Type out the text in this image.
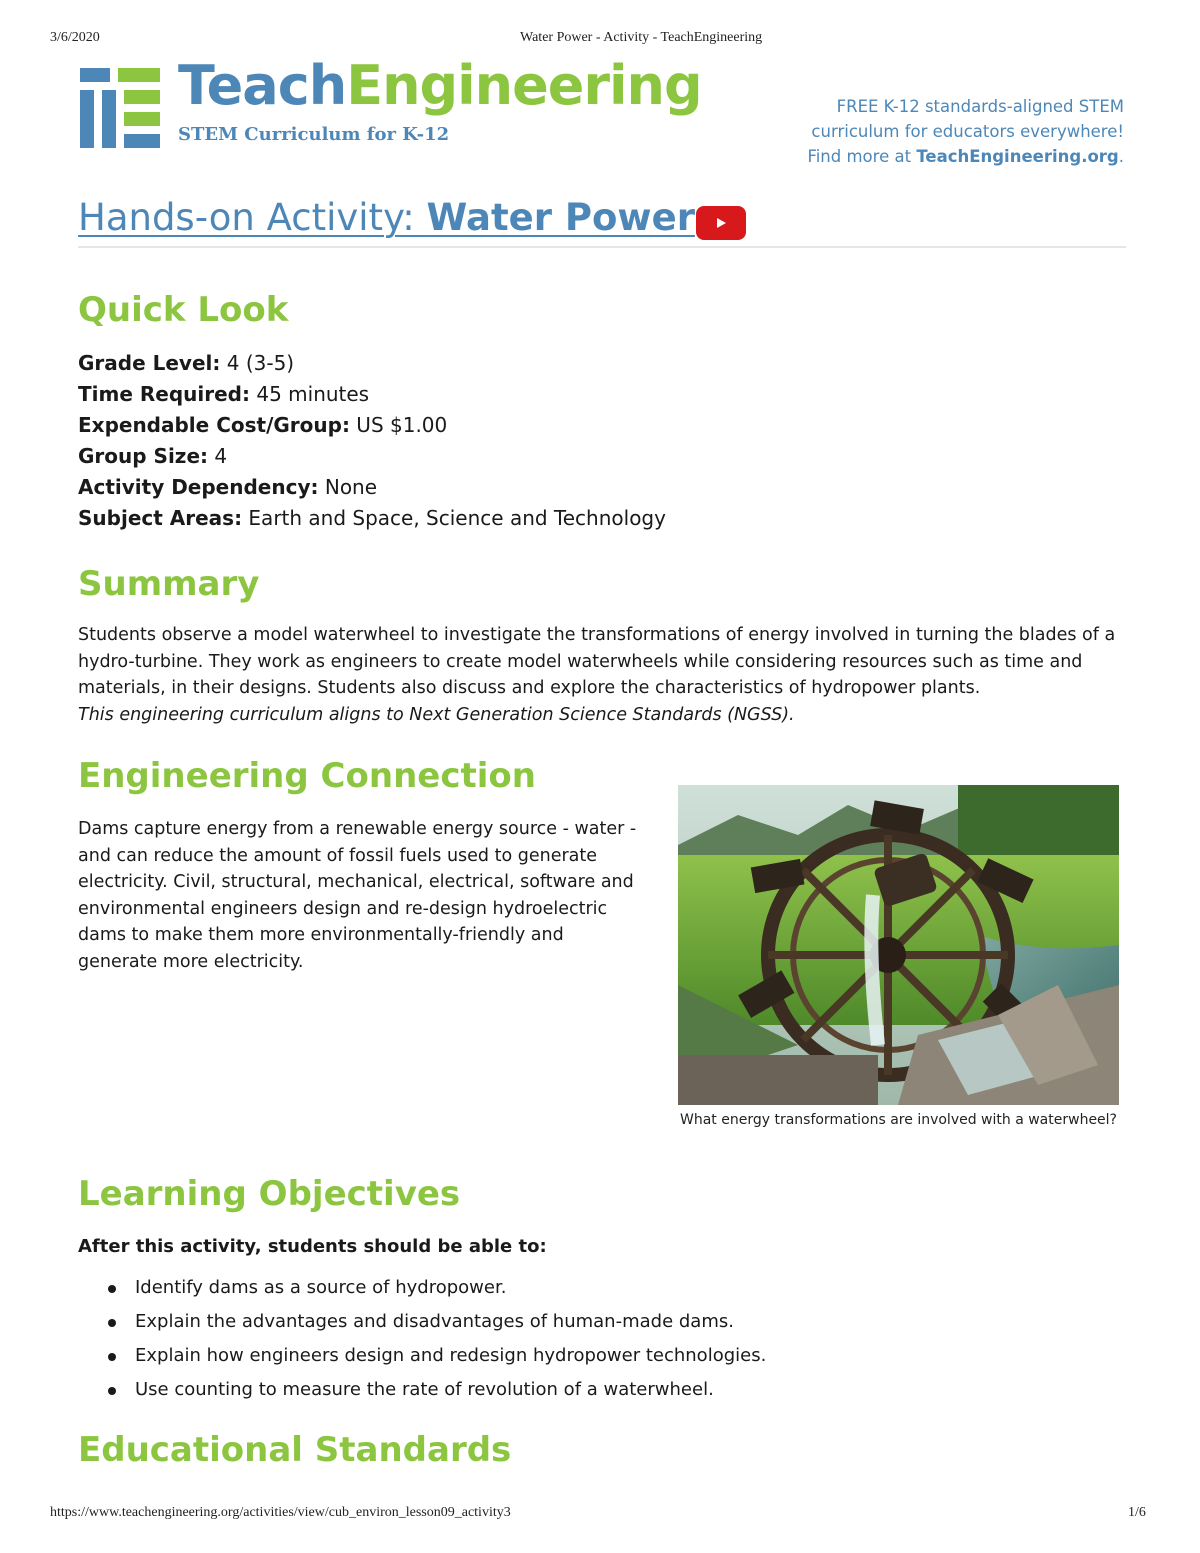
3/6/2020	Water Power - Activity - TeachEngineering
TeachEngineering
STEM Curriculum for K-12
FREE K-12 standards-aligned STEM
curriculum for educators everywhere!
Find more at TeachEngineering.org.
Hands-on Activity: Water Power
Quick Look
Grade Level: 4 (3-5)
Time Required: 45 minutes
Expendable Cost/Group: US $1.00
Group Size: 4
Activity Dependency: None
Subject Areas: Earth and Space, Science and Technology
Summary
Students observe a model waterwheel to investigate the transformations of energy involved in turning the blades of a
hydro-turbine. They work as engineers to create model waterwheels while considering resources such as time and
materials, in their designs. Students also discuss and explore the characteristics of hydropower plants.
This engineering curriculum aligns to Next Generation Science Standards (NGSS).
Engineering Connection
Dams capture energy from a renewable energy source - water -
and can reduce the amount of fossil fuels used to generate
electricity. Civil, structural, mechanical, electrical, software and
environmental engineers design and re-design hydroelectric
dams to make them more environmentally-friendly and
generate more electricity.
What energy transformations are involved with a waterwheel?
Learning Objectives
After this activity, students should be able to:
Identify dams as a source of hydropower.
Explain the advantages and disadvantages of human-made dams.
Explain how engineers design and redesign hydropower technologies.
Use counting to measure the rate of revolution of a waterwheel.
Educational Standards
https://www.teachengineering.org/activities/view/cub_environ_lesson09_activity3	1/6
